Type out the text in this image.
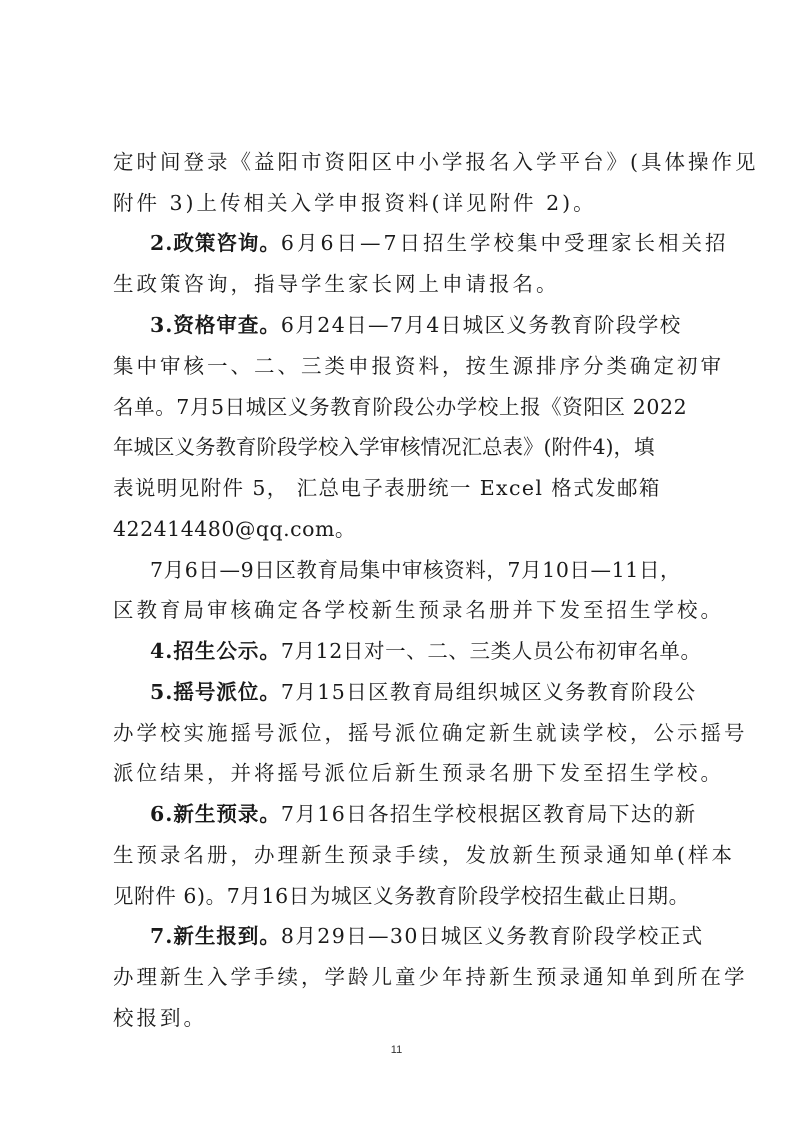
定时间登录《益阳市资阳区中小学报名入学平台》(具体操作见
附件 3)上传相关入学申报资料(详见附件 2)。
2.政策咨询。6月6日—7日招生学校集中受理家长相关招
生政策咨询，指导学生家长网上申请报名。
3.资格审查。6月24日—7月4日城区义务教育阶段学校
集中审核一、二、三类申报资料，按生源排序分类确定初审
名单。7月5日城区义务教育阶段公办学校上报《资阳区 2022
年城区义务教育阶段学校入学审核情况汇总表》(附件4)，填
表说明见附件 5， 汇总电子表册统一 Excel 格式发邮箱
422414480@qq.com。
7月6日—9日区教育局集中审核资料，7月10日—11日，
区教育局审核确定各学校新生预录名册并下发至招生学校。
4.招生公示。7月12日对一、二、三类人员公布初审名单。
5.摇号派位。7月15日区教育局组织城区义务教育阶段公
办学校实施摇号派位，摇号派位确定新生就读学校，公示摇号
派位结果，并将摇号派位后新生预录名册下发至招生学校。
6.新生预录。7月16日各招生学校根据区教育局下达的新
生预录名册，办理新生预录手续，发放新生预录通知单(样本
见附件 6)。7月16日为城区义务教育阶段学校招生截止日期。
7.新生报到。8月29日—30日城区义务教育阶段学校正式
办理新生入学手续，学龄儿童少年持新生预录通知单到所在学
校报到。
11
